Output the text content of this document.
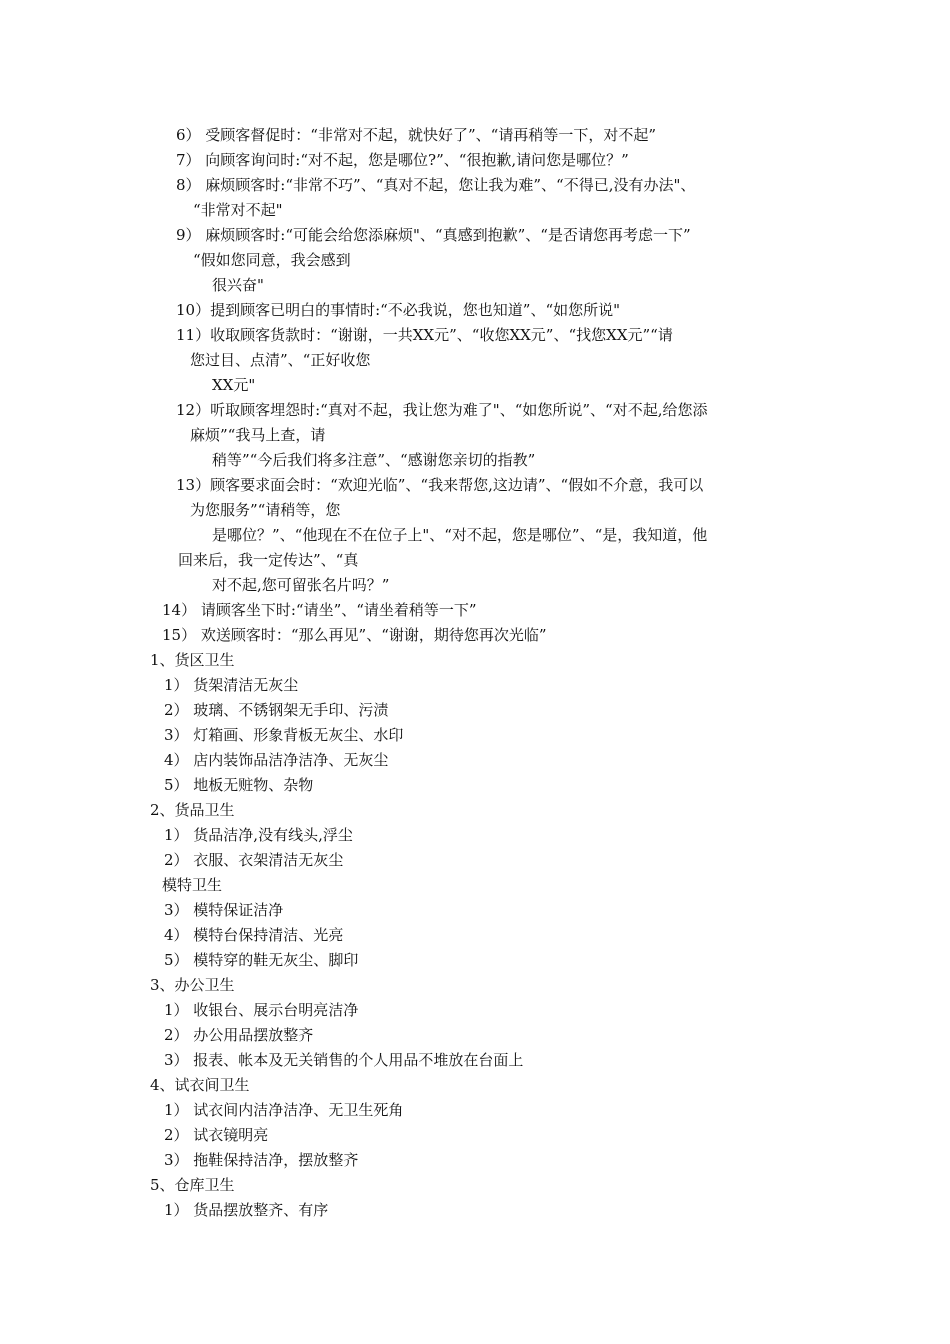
6） 受顾客督促时：“非常对不起，就快好了”、“请再稍等一下，对不起”
7） 向顾客询问时:“对不起，您是哪位?”、“很抱歉,请问您是哪位？”
8） 麻烦顾客时:“非常不巧”、“真对不起，您让我为难”、“不得已,没有办法"、
“非常对不起"
9） 麻烦顾客时:“可能会给您添麻烦"、“真感到抱歉”、“是否请您再考虑一下”
“假如您同意，我会感到
很兴奋"
10）提到顾客已明白的事情时:“不必我说，您也知道”、“如您所说"
11）收取顾客货款时：“谢谢，一共XX元”、“收您XX元”、“找您XX元”“请
您过目、点清”、“正好收您
XX元"
12）听取顾客埋怨时:“真对不起，我让您为难了"、“如您所说”、“对不起,给您添
麻烦”“我马上查，请
稍等”“今后我们将多注意”、“感谢您亲切的指教”
13）顾客要求面会时：“欢迎光临”、“我来帮您,这边请”、“假如不介意，我可以
为您服务”“请稍等，您
是哪位？”、“他现在不在位子上"、“对不起，您是哪位”、“是，我知道，他
回来后，我一定传达”、“真
对不起,您可留张名片吗？”
14） 请顾客坐下时:“请坐”、“请坐着稍等一下”
15） 欢送顾客时：“那么再见”、“谢谢，期待您再次光临”
1、货区卫生
1） 货架清洁无灰尘
2） 玻璃、不锈钢架无手印、污渍
3） 灯箱画、形象背板无灰尘、水印
4） 店内装饰品洁净洁净、无灰尘
5） 地板无赃物、杂物
2、货品卫生
1） 货品洁净,没有线头,浮尘
2） 衣服、衣架清洁无灰尘
模特卫生
3） 模特保证洁净
4） 模特台保持清洁、光亮
5） 模特穿的鞋无灰尘、脚印
3、办公卫生
1） 收银台、展示台明亮洁净
2） 办公用品摆放整齐
3） 报表、帐本及无关销售的个人用品不堆放在台面上
4、试衣间卫生
1） 试衣间内洁净洁净、无卫生死角
2） 试衣镜明亮
3） 拖鞋保持洁净，摆放整齐
5、仓库卫生
1） 货品摆放整齐、有序
